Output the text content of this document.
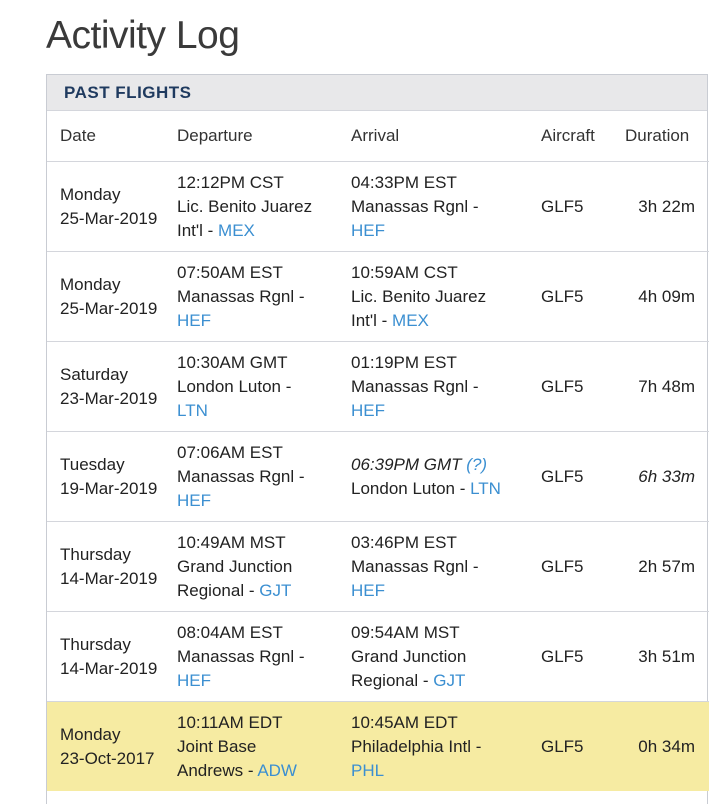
Activity Log
PAST FLIGHTS
Date	Departure	Arrival	Aircraft	Duration

Monday
25-Mar-2019	12:12PM CST
Lic. Benito Juarez
Int'l - MEX	04:33PM EST
Manassas Rgnl -
HEF	GLF5	3h 22m

Monday
25-Mar-2019	07:50AM EST
Manassas Rgnl -
HEF	10:59AM CST
Lic. Benito Juarez
Int'l - MEX	GLF5	4h 09m

Saturday
23-Mar-2019	10:30AM GMT
London Luton -
LTN	01:19PM EST
Manassas Rgnl -
HEF	GLF5	7h 48m

Tuesday
19-Mar-2019	07:06AM EST
Manassas Rgnl -
HEF	06:39PM GMT (?)
London Luton - LTN	GLF5	6h 33m

Thursday
14-Mar-2019	10:49AM MST
Grand Junction
Regional - GJT	03:46PM EST
Manassas Rgnl -
HEF	GLF5	2h 57m

Thursday
14-Mar-2019	08:04AM EST
Manassas Rgnl -
HEF	09:54AM MST
Grand Junction
Regional - GJT	GLF5	3h 51m

Monday
23-Oct-2017	10:11AM EDT
Joint Base
Andrews - ADW	10:45AM EDT
Philadelphia Intl -
PHL	GLF5	0h 34m
